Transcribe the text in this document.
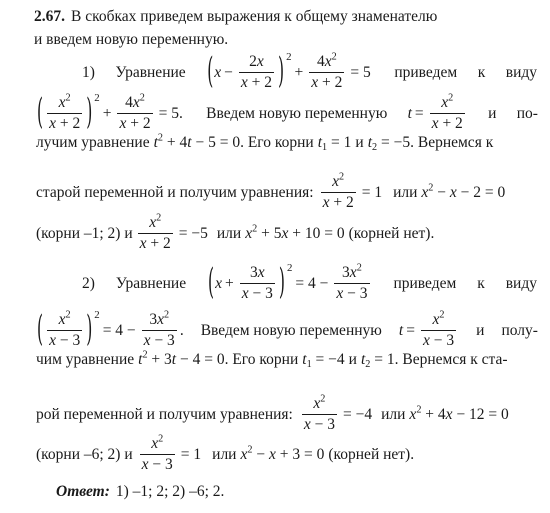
2.67. В скобках приведем выражения к общему знаменателю
и введем новую переменную.
1) Уравнение ( $x - \frac{2x}{x + 2}$ ) 2
+ $\frac{4x^2}{x + 2} = 5$ приведем к виду
( $\frac{x^2}{x + 2}$ ) 2
+ $\frac{4x^2}{x + 2} = 5$. Введем новую переменную $t = \frac{x^2}{x + 2}$ и по-
лучим уравнение $t^2 + 4t - 5 = 0$ . Его корни $t_1 = 1$ и $t_2 = -5$ . Вернемся к
старой переменной и получим уравнения: $\frac{x^2}{x + 2} = 1$ или $x^2 - x - 2 = 0$
(корни –1; 2) и $\frac{x^2}{x + 2} = -5$ или $x^2 + 5x + 10 = 0$ (корней нет).
2) Уравнение ( $x + \frac{3x}{x - 3}$ ) 2
= $4 - \frac{3x^2}{x - 3}$ приведем к виду
( $\frac{x^2}{x - 3}$ ) 2
= $4 - \frac{3x^2}{x - 3}$ . Введем новую переменную $t = \frac{x^2}{x - 3}$ и полу-
чим уравнение $t^2 + 3t - 4 = 0$ . Его корни $t_1 = -4$ и $t_2 = 1$ . Вернемся к ста-
рой переменной и получим уравнения: $\frac{x^2}{x - 3} = -4$ или $x^2 + 4x - 12 = 0$
(корни –6; 2) и $\frac{x^2}{x - 3} = 1$ или $x^2 - x + 3 = 0$ (корней нет).
Ответ: 1) –1; 2; 2) –6; 2.
